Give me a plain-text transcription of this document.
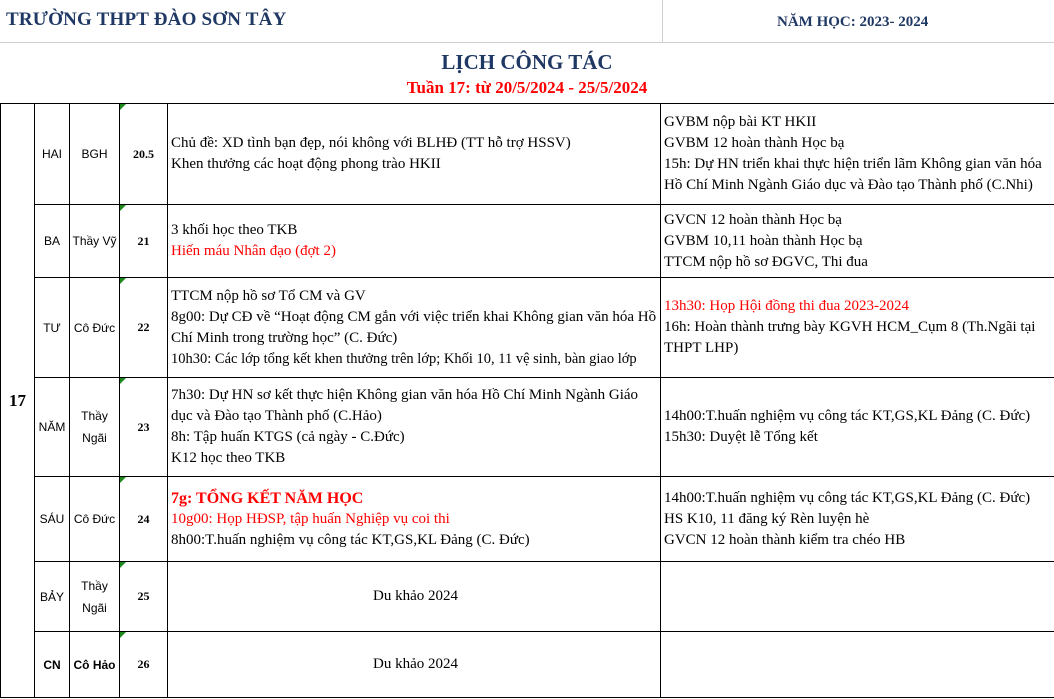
TRƯỜNG THPT ĐÀO SƠN TÂY	NĂM HỌC: 2023- 2024
LỊCH CÔNG TÁC
Tuần 17: từ 20/5/2024 - 25/5/2024
17	HAI	BGH	20.5	Chủ đề: XD tình bạn đẹp, nói không với BLHĐ (TT hỗ trợ HSSV)
Khen thưởng các hoạt động phong trào HKII	GVBM nộp bài KT HKII
GVBM 12 hoàn thành Học bạ
15h: Dự HN triển khai thực hiện triển lãm Không gian văn hóa
Hồ Chí Minh Ngành Giáo dục và Đào tạo Thành phố (C.Nhi)

	BA	Thầy Vỹ	21	3 khối học theo TKB
Hiến máu Nhân đạo (đợt 2)	GVCN 12 hoàn thành Học bạ
GVBM 10,11 hoàn thành Học bạ
TTCM nộp hồ sơ ĐGVC, Thi đua

	TƯ	Cô Đức	22	TTCM nộp hồ sơ Tổ CM và GV
8g00: Dự CĐ về “Hoạt động CM gắn với việc triển khai Không gian văn hóa Hồ Chí Minh trong trường học” (C. Đức)
10h30: Các lớp tổng kết khen thưởng trên lớp; Khối 10, 11 vệ sinh, bàn giao lớp	13h30: Họp Hội đồng thi đua 2023-2024
16h: Hoàn thành trưng bày KGVH HCM_Cụm 8 (Th.Ngãi tại THPT LHP)

	NĂM	Thầy Ngãi	23	7h30: Dự HN sơ kết thực hiện Không gian văn hóa Hồ Chí Minh Ngành Giáo dục và Đào tạo Thành phố (C.Hảo)
8h: Tập huấn KTGS (cả ngày - C.Đức)
K12 học theo TKB	14h00:T.huấn nghiệm vụ công tác KT,GS,KL Đảng (C. Đức)
15h30: Duyệt lễ Tổng kết

	SÁU	Cô Đức	24	7g: TỔNG KẾT NĂM HỌC
10g00: Họp HĐSP, tập huấn Nghiệp vụ coi thi
8h00:T.huấn nghiệm vụ công tác KT,GS,KL Đảng (C. Đức)	14h00:T.huấn nghiệm vụ công tác KT,GS,KL Đảng (C. Đức)
HS K10, 11 đăng ký Rèn luyện hè
GVCN 12 hoàn thành kiểm tra chéo HB

	BẢY	Thầy Ngãi	25	Du khảo 2024	

	CN	Cô Hảo	26	Du khảo 2024	
